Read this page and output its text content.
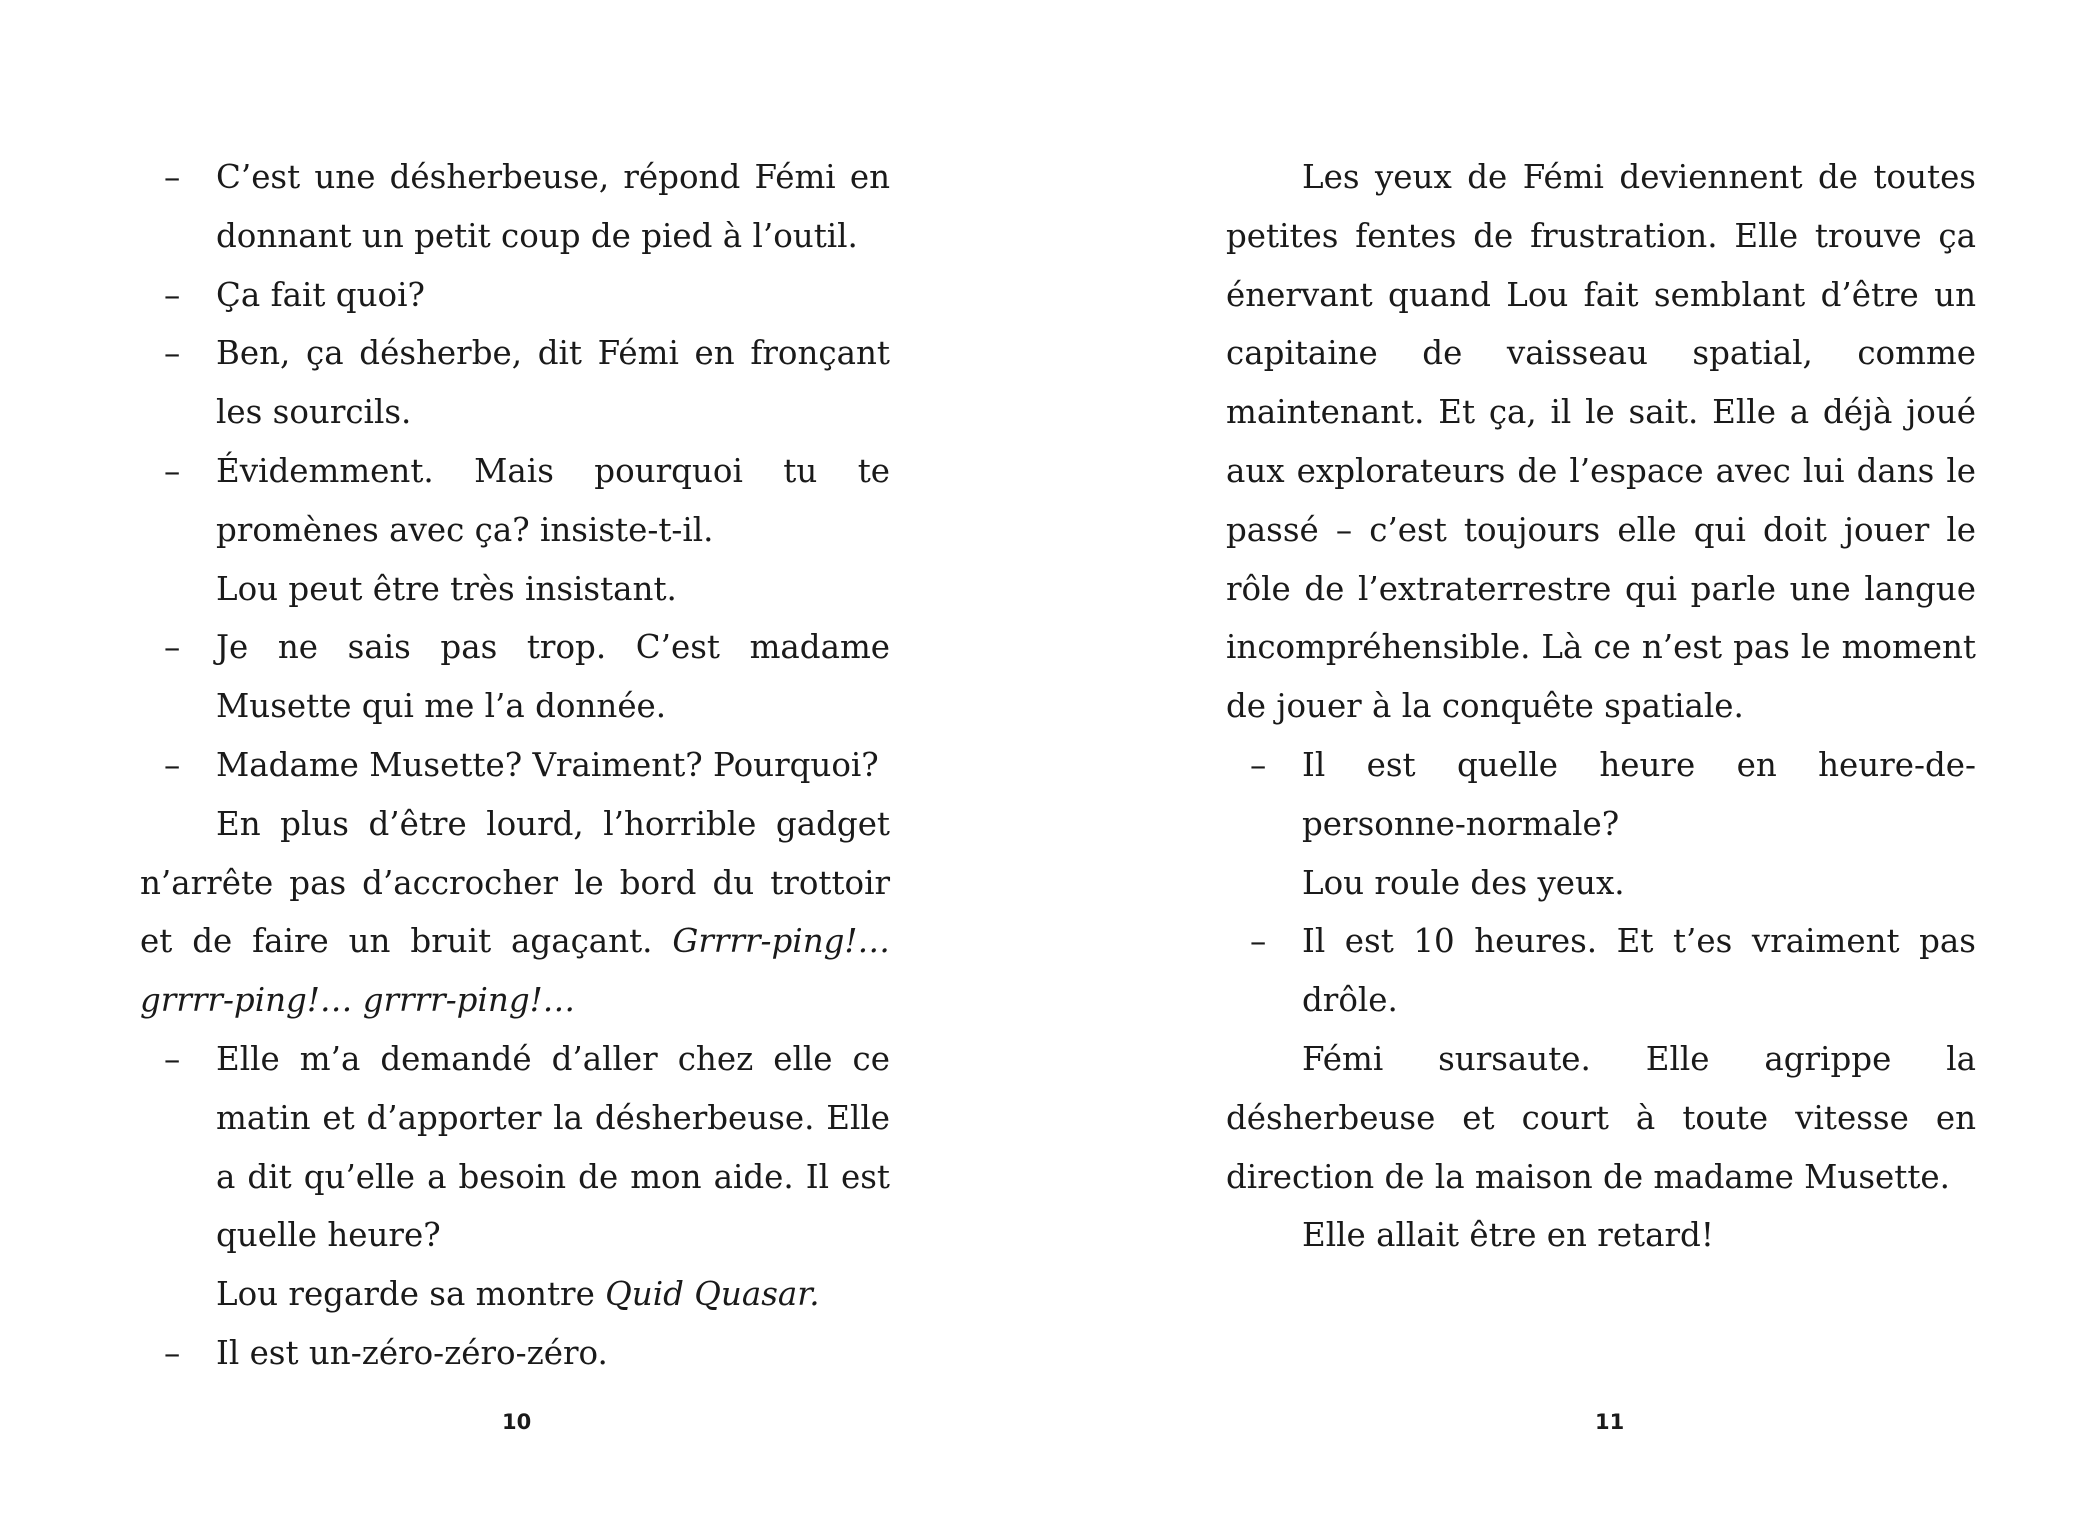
– C’est une désherbeuse, répond Fémi en donnant un petit coup de pied à l’outil.

– Ça fait quoi?

– Ben, ça désherbe, dit Fémi en fronçant les sourcils.

– Évidemment. Mais pourquoi tu te promènes avec ça? insiste-t-il.

Lou peut être très insistant.

– Je ne sais pas trop. C’est madame Musette qui me l’a donnée.

– Madame Musette? Vraiment? Pourquoi?

En plus d’être lourd, l’horrible gadget n’arrête pas d’accrocher le bord du trottoir et de faire un bruit agaçant. Grrrr-ping!… grrrr-ping!… grrrr-ping!…

– Elle m’a demandé d’aller chez elle ce matin et d’apporter la désherbeuse. Elle a dit qu’elle a besoin de mon aide. Il est quelle heure?

Lou regarde sa montre Quid Quasar.

– Il est un-zéro-zéro-zéro.

10

Les yeux de Fémi deviennent de toutes petites fentes de frustration. Elle trouve ça énervant quand Lou fait semblant d’être un capitaine de vaisseau spatial, comme maintenant. Et ça, il le sait. Elle a déjà joué aux explorateurs de l’espace avec lui dans le passé – c’est toujours elle qui doit jouer le rôle de l’extraterrestre qui parle une langue incompréhensible. Là ce n’est pas le moment de jouer à la conquête spatiale.

– Il est quelle heure en heure-de-personne-normale?

Lou roule des yeux.

– Il est 10 heures. Et t’es vraiment pas drôle.

Fémi sursaute. Elle agrippe la désherbeuse et court à toute vitesse en direction de la maison de madame Musette.

Elle allait être en retard!

11
